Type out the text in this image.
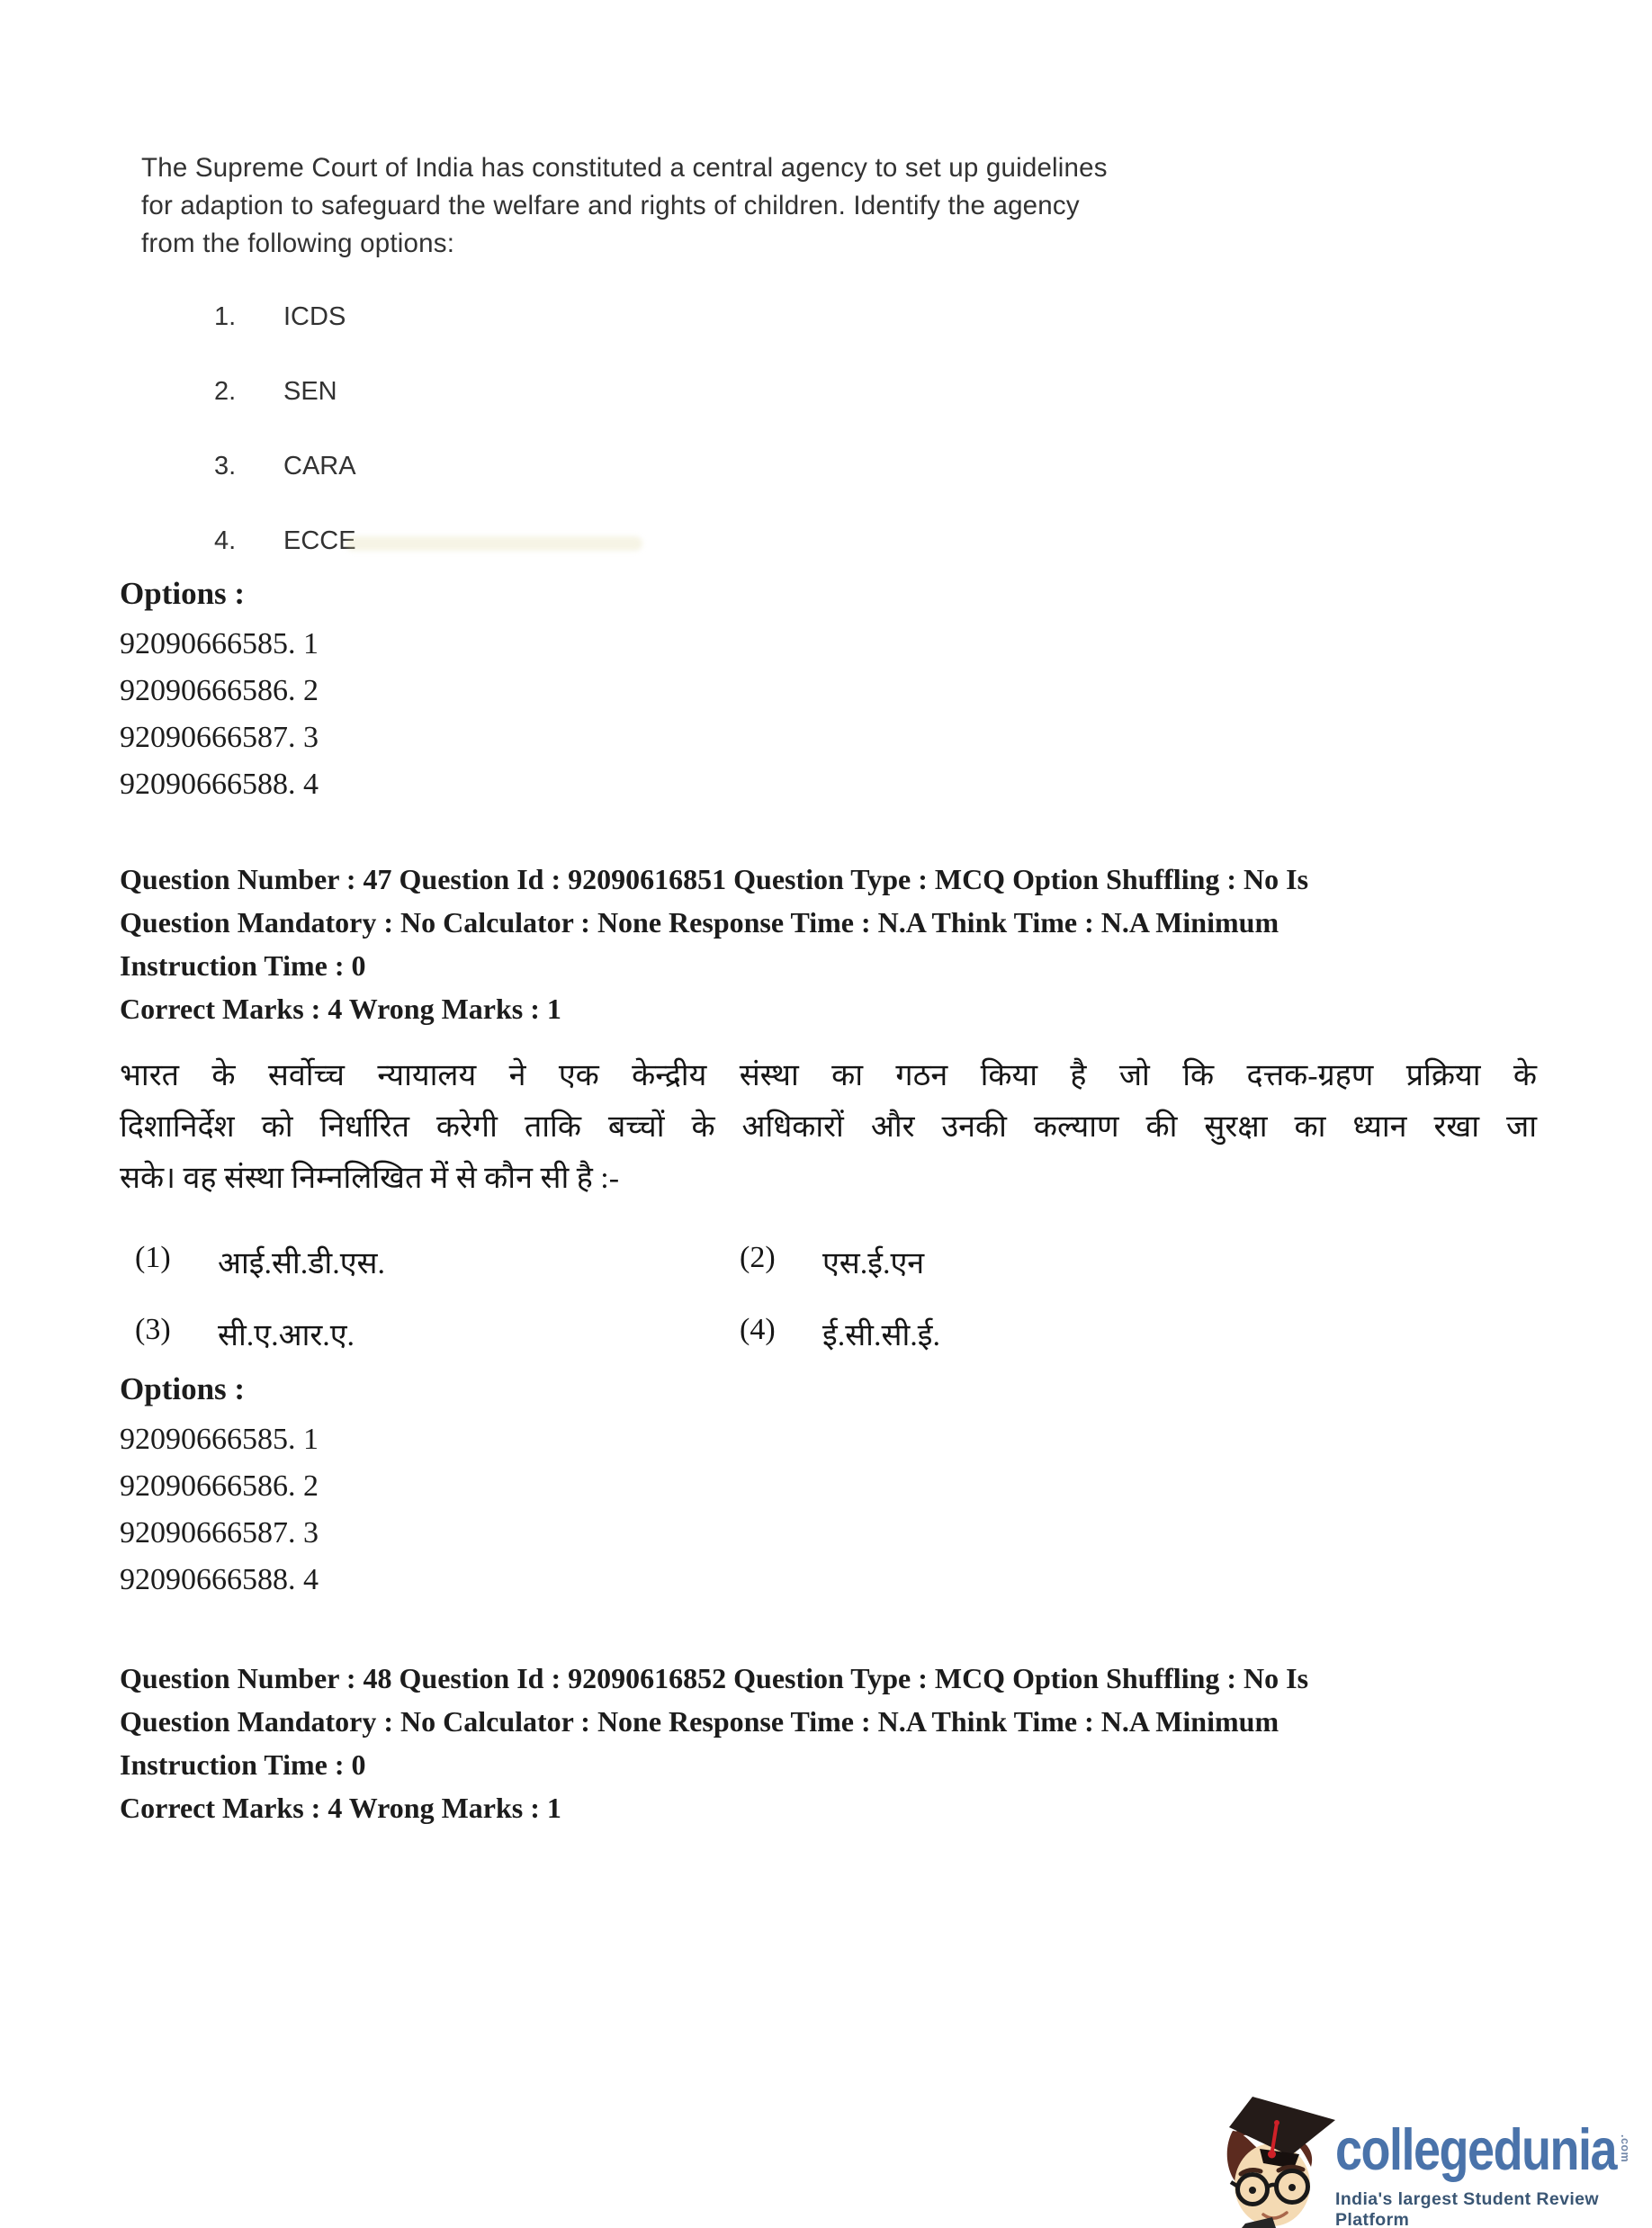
The Supreme Court of India has constituted a central agency to set up guidelines
for adaption to safeguard the welfare and rights of children. Identify the agency
from the following options:
1.	ICDS
2.	SEN
3.	CARA
4.	ECCE
Options :
92090666585. 1
92090666586. 2
92090666587. 3
92090666588. 4
Question Number : 47 Question Id : 92090616851 Question Type : MCQ Option Shuffling : No Is
Question Mandatory : No Calculator : None Response Time : N.A Think Time : N.A Minimum
Instruction Time : 0
Correct Marks : 4 Wrong Marks : 1
भारत के सर्वोच्च न्यायालय ने एक केन्द्रीय संस्था का गठन किया है जो कि दत्तक-ग्रहण प्रक्रिया के
दिशानिर्देश को निर्धारित करेगी ताकि बच्चों के अधिकारों और उनकी कल्याण की सुरक्षा का ध्यान रखा जा
सके। वह संस्था निम्नलिखित में से कौन सी है :-
(1)	आई.सी.डी.एस.	(2)	एस.ई.एन
(3)	सी.ए.आर.ए.	(4)	ई.सी.सी.ई.
Options :
92090666585. 1
92090666586. 2
92090666587. 3
92090666588. 4
Question Number : 48 Question Id : 92090616852 Question Type : MCQ Option Shuffling : No Is
Question Mandatory : No Calculator : None Response Time : N.A Think Time : N.A Minimum
Instruction Time : 0
Correct Marks : 4 Wrong Marks : 1
collegedunia .com
India's largest Student Review Platform
